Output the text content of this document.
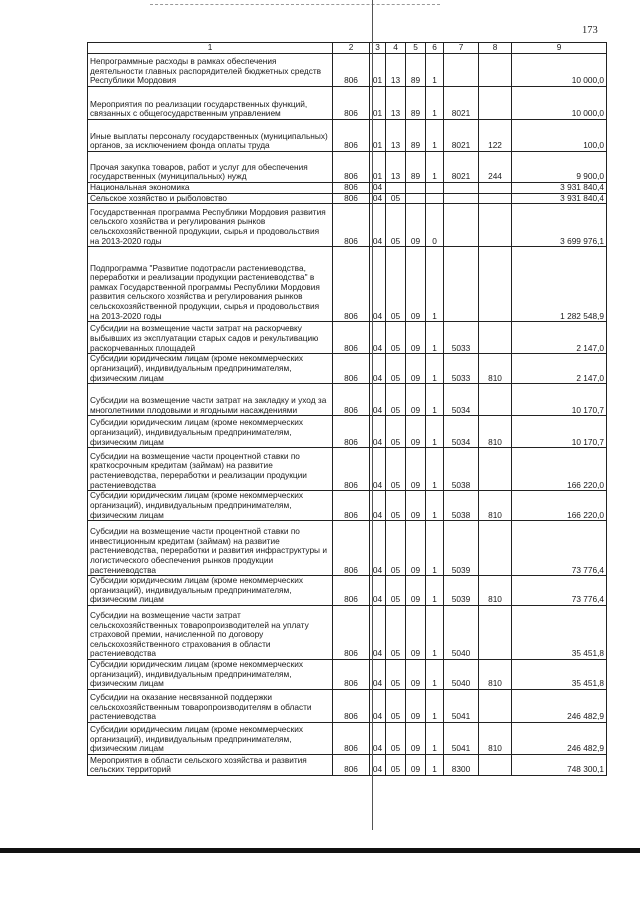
173
1	2	3	4	5	6	7	8	9
Непрограммные расходы в рамках обеспечения деятельности главных распорядителей бюджетных средств Республики Мордовия	806	01	13	89	1			10 000,0
Мероприятия по реализации государственных функций, связанных с общегосударственным управлением	806	01	13	89	1	8021		10 000,0
Иные выплаты персоналу государственных (муниципальных) органов, за исключением фонда оплаты труда	806	01	13	89	1	8021	122	100,0
Прочая закупка товаров, работ и услуг для обеспечения государственных (муниципальных) нужд	806	01	13	89	1	8021	244	9 900,0
Национальная экономика	806	04						3 931 840,4
Сельское хозяйство и рыболовство	806	04	05					3 931 840,4
Государственная программа Республики Мордовия развития сельского хозяйства и регулирования рынков сельскохозяйственной продукции, сырья и продовольствия на 2013-2020 годы	806	04	05	09	0			3 699 976,1
Подпрограмма "Развитие подотрасли растениеводства, переработки и реализации продукции растениеводства" в рамках Государственной программы Республики Мордовия развития сельского хозяйства и регулирования рынков сельскохозяйственной продукции, сырья и продовольствия на 2013-2020 годы	806	04	05	09	1			1 282 548,9
Субсидии на возмещение части затрат на раскорчевку выбывших из эксплуатации старых садов и рекультивацию раскорчеванных площадей	806	04	05	09	1	5033		2 147,0
Субсидии юридическим лицам (кроме некоммерческих организаций), индивидуальным предпринимателям, физическим лицам	806	04	05	09	1	5033	810	2 147,0
Субсидии на возмещение части затрат на закладку и уход за многолетними плодовыми и ягодными насаждениями	806	04	05	09	1	5034		10 170,7
Субсидии юридическим лицам (кроме некоммерческих организаций), индивидуальным предпринимателям, физическим лицам	806	04	05	09	1	5034	810	10 170,7
Субсидии на возмещение части процентной ставки по краткосрочным кредитам (займам) на развитие растениеводства, переработки и реализации продукции растениеводства	806	04	05	09	1	5038		166 220,0
Субсидии юридическим лицам (кроме некоммерческих организаций), индивидуальным предпринимателям, физическим лицам	806	04	05	09	1	5038	810	166 220,0
Субсидии на возмещение части процентной ставки по инвестиционным кредитам (займам) на развитие растениеводства, переработки и развития инфраструктуры и логистического обеспечения рынков продукции растениеводства	806	04	05	09	1	5039		73 776,4
Субсидии юридическим лицам (кроме некоммерческих организаций), индивидуальным предпринимателям, физическим лицам	806	04	05	09	1	5039	810	73 776,4
Субсидии на возмещение части затрат сельскохозяйственных товаропроизводителей на уплату страховой премии, начисленной по договору сельскохозяйственного страхования в области растениеводства	806	04	05	09	1	5040		35 451,8
Субсидии юридическим лицам (кроме некоммерческих организаций), индивидуальным предпринимателям, физическим лицам	806	04	05	09	1	5040	810	35 451,8
Субсидии на оказание несвязанной поддержки сельскохозяйственным товаропроизводителям в области растениеводства	806	04	05	09	1	5041		246 482,9
Субсидии юридическим лицам (кроме некоммерческих организаций), индивидуальным предпринимателям, физическим лицам	806	04	05	09	1	5041	810	246 482,9
Мероприятия в области сельского хозяйства и развития сельских территорий	806	04	05	09	1	8300		748 300,1
